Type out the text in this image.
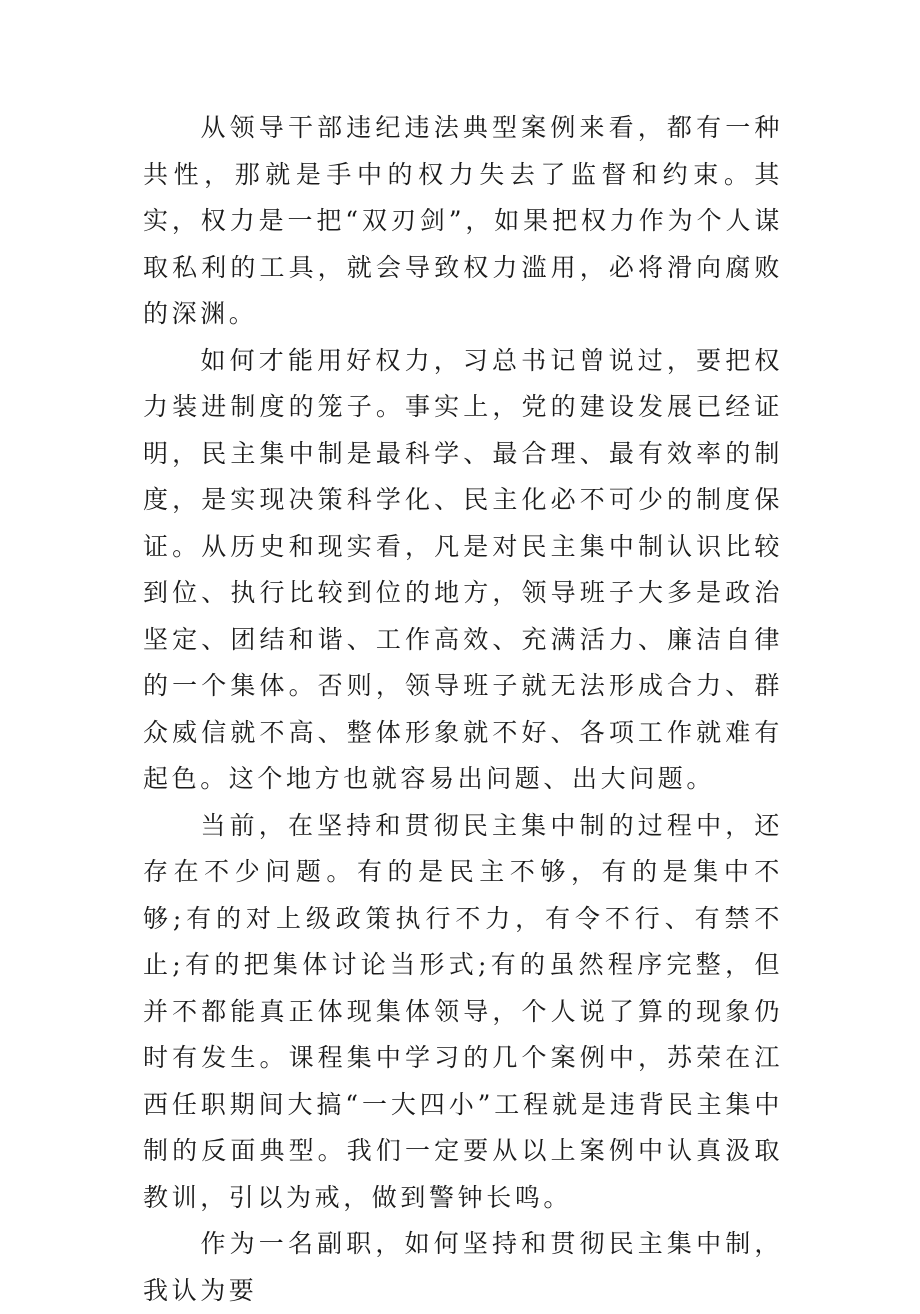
从领导干部违纪违法典型案例来看，都有一种共性，那就是手中的权力失去了监督和约束。其实，权力是一把“双刃剑”，如果把权力作为个人谋取私利的工具，就会导致权力滥用，必将滑向腐败的深渊。

如何才能用好权力，习总书记曾说过，要把权力装进制度的笼子。事实上，党的建设发展已经证明，民主集中制是最科学、最合理、最有效率的制度，是实现决策科学化、民主化必不可少的制度保证。从历史和现实看，凡是对民主集中制认识比较到位、执行比较到位的地方，领导班子大多是政治坚定、团结和谐、工作高效、充满活力、廉洁自律的一个集体。否则，领导班子就无法形成合力、群众威信就不高、整体形象就不好、各项工作就难有起色。这个地方也就容易出问题、出大问题。

当前，在坚持和贯彻民主集中制的过程中，还存在不少问题。有的是民主不够，有的是集中不够;有的对上级政策执行不力，有令不行、有禁不止;有的把集体讨论当形式;有的虽然程序完整，但并不都能真正体现集体领导，个人说了算的现象仍时有发生。课程集中学习的几个案例中，苏荣在江西任职期间大搞“一大四小”工程就是违背民主集中制的反面典型。我们一定要从以上案例中认真汲取教训，引以为戒，做到警钟长鸣。

作为一名副职，如何坚持和贯彻民主集中制，我认为要
